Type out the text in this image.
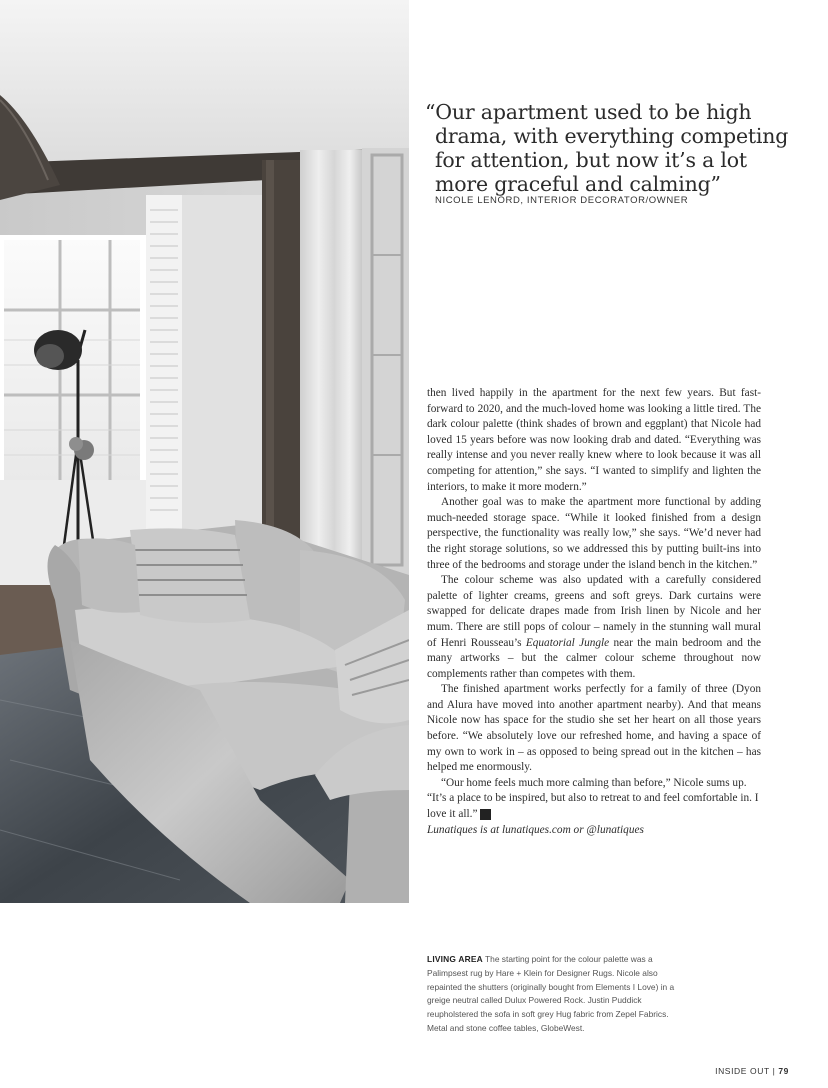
“Our apartment used to be high
drama, with everything competing
for attention, but now it’s a lot
more graceful and calming”
NICOLE LENORD, INTERIOR DECORATOR/OWNER

then lived happily in the apartment for the next few years. But fast-forward to 2020, and the much-loved home was looking a little tired. The dark colour palette (think shades of brown and eggplant) that Nicole had loved 15 years before was now looking drab and dated. “Everything was really intense and you never really knew where to look because it was all competing for attention,” she says. “I wanted to simplify and lighten the interiors, to make it more modern.”

Another goal was to make the apartment more functional by adding much-needed storage space. “While it looked finished from a design perspective, the functionality was really low,” she says. “We’d never had the right storage solutions, so we addressed this by putting built-ins into three of the bedrooms and storage under the island bench in the kitchen.”

The colour scheme was also updated with a carefully considered palette of lighter creams, greens and soft greys. Dark curtains were swapped for delicate drapes made from Irish linen by Nicole and her mum. There are still pops of colour – namely in the stunning wall mural of Henri Rousseau’s Equatorial Jungle near the main bedroom and the many artworks – but the calmer colour scheme throughout now complements rather than competes with them.

The finished apartment works perfectly for a family of three (Dyon and Alura have moved into another apartment nearby). And that means Nicole now has space for the studio she set her heart on all those years before. “We absolutely love our refreshed home, and having a space of my own to work in – as opposed to being spread out in the kitchen – has helped me enormously.

“Our home feels much more calming than before,” Nicole sums up. “It’s a place to be inspired, but also to retreat to and feel comfortable in. I love it all.” IO

Lunatiques is at lunatiques.com or @lunatiques

LIVING AREA The starting point for the colour palette was a Palimpsest rug by Hare + Klein for Designer Rugs. Nicole also repainted the shutters (originally bought from Elements I Love) in a greige neutral called Dulux Powered Rock. Justin Puddick reupholstered the sofa in soft grey Hug fabric from Zepel Fabrics. Metal and stone coffee tables, GlobeWest.
INSIDE OUT | 79
